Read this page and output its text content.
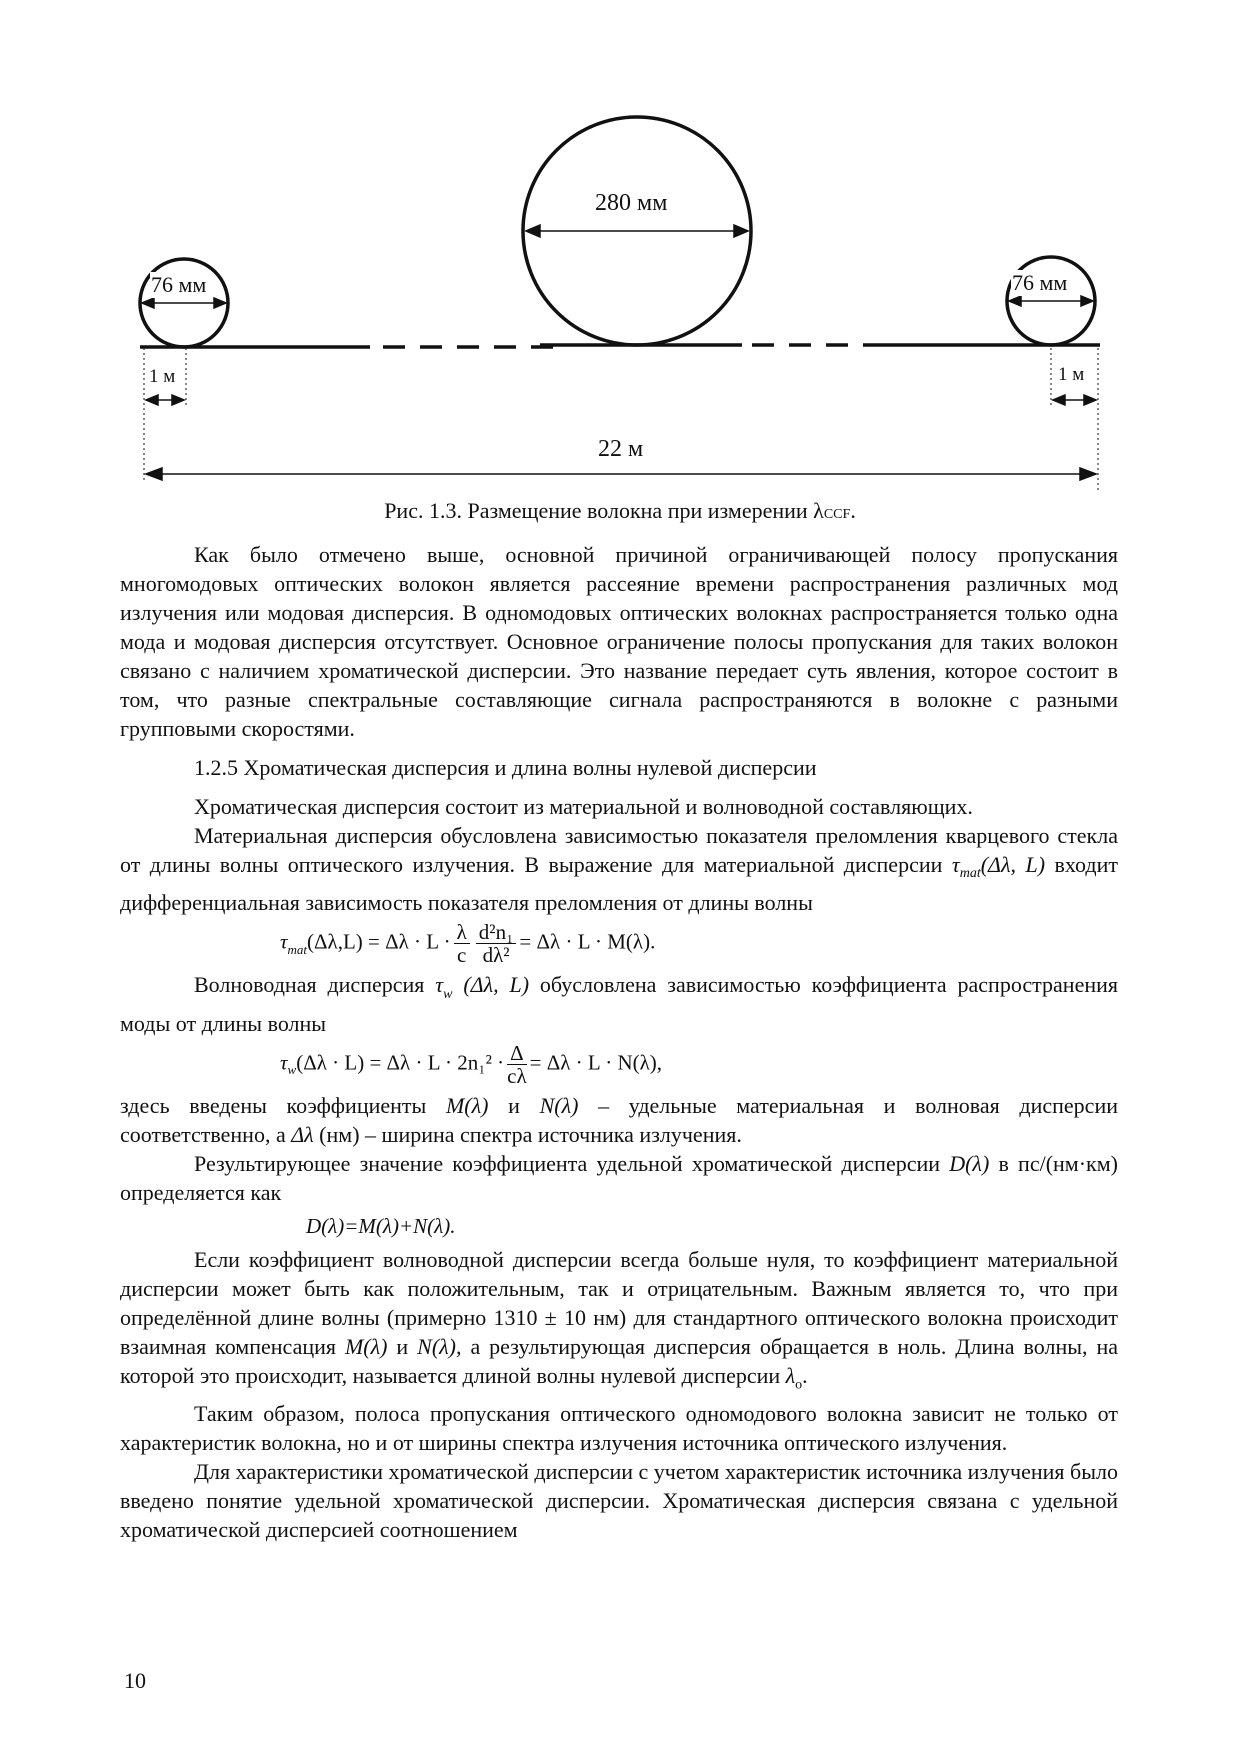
76 мм
280 мм
76 мм
1 м	1 м
22 м
Рис. 1.3. Размещение волокна при измерении λCCF.

Как было отмечено выше, основной причиной ограничивающей полосу пропускания многомодовых оптических волокон является рассеяние времени распространения различных мод излучения или модовая дисперсия. В одномодовых оптических волокнах распространяется только одна мода и модовая дисперсия отсутствует. Основное ограничение полосы пропускания для таких волокон связано с наличием хроматической дисперсии. Это название передает суть явления, которое состоит в том, что разные спектральные составляющие сигнала распространяются в волокне с разными групповыми скоростями.

1.2.5 Хроматическая дисперсия и длина волны нулевой дисперсии

Хроматическая дисперсия состоит из материальной и волноводной составляющих.

Материальная дисперсия обусловлена зависимостью показателя преломления кварцевого стекла от длины волны оптического излучения. В выражение для материальной дисперсии $\tau_{mat}(\Delta\lambda$, L) входит дифференциальная зависимость показателя преломления от длины волны

$\tau_{mat}(\Delta\lambda,L) = \Delta\lambda \cdot L \cdot \frac{\lambda}{c} \frac{\text{d²n₁}}{\text{dλ²}} = \Delta\lambda \cdot L \cdot M(\lambda)$.

Волноводная дисперсия $\tau_w$ (Δλ, L) обусловлена зависимостью коэффициента распространения моды от длины волны

$\tau_w(\Delta\lambda \cdot L) = \Delta\lambda \cdot L \cdot 2n_1^2 \cdot \frac{\Delta}{c\lambda} = \Delta\lambda \cdot L \cdot N(\lambda)$,

здесь введены коэффициенты M(λ) и N(λ) – удельные материальная и волновая дисперсии соответственно, а Δλ (нм) – ширина спектра источника излучения.

Результирующее значение коэффициента удельной хроматической дисперсии D(λ) в пс/(нм·км) определяется как

D(λ)=M(λ)+N(λ).

Если коэффициент волноводной дисперсии всегда больше нуля, то коэффициент материальной дисперсии может быть как положительным, так и отрицательным. Важным является то, что при определённой длине волны (примерно 1310 ± 10 нм) для стандартного оптического волокна происходит взаимная компенсация M(λ) и N(λ), а результирующая дисперсия обращается в ноль. Длина волны, на которой это происходит, называется длиной волны нулевой дисперсии $\lambda_o$.

Таким образом, полоса пропускания оптического одномодового волокна зависит не только от характеристик волокна, но и от ширины спектра излучения источника оптического излучения.

Для характеристики хроматической дисперсии с учетом характеристик источника излучения было введено понятие удельной хроматической дисперсии. Хроматическая дисперсия связана с удельной хроматической дисперсией соотношением

10
